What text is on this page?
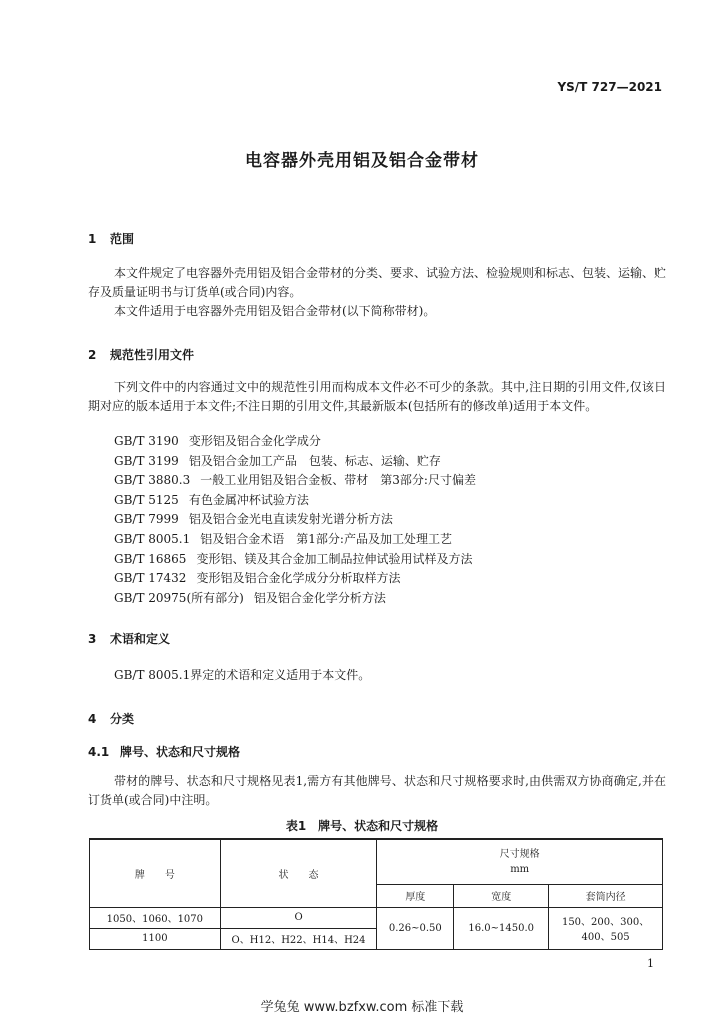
YS/T 727—2021
电容器外壳用铝及铝合金带材
1 范围
本文件规定了电容器外壳用铝及铝合金带材的分类、要求、试验方法、检验规则和标志、包装、运输、贮存及质量证明书与订货单(或合同)内容。
本文件适用于电容器外壳用铝及铝合金带材(以下简称带材)。
2 规范性引用文件
下列文件中的内容通过文中的规范性引用而构成本文件必不可少的条款。其中,注日期的引用文件,仅该日期对应的版本适用于本文件;不注日期的引用文件,其最新版本(包括所有的修改单)适用于本文件。
GB/T 3190 变形铝及铝合金化学成分
GB/T 3199 铝及铝合金加工产品　包装、标志、运输、贮存
GB/T 3880.3 一般工业用铝及铝合金板、带材　第3部分:尺寸偏差
GB/T 5125 有色金属冲杯试验方法
GB/T 7999 铝及铝合金光电直读发射光谱分析方法
GB/T 8005.1 铝及铝合金术语　第1部分:产品及加工处理工艺
GB/T 16865 变形铝、镁及其合金加工制品拉伸试验用试样及方法
GB/T 17432 变形铝及铝合金化学成分分析取样方法
GB/T 20975(所有部分) 铝及铝合金化学分析方法
3 术语和定义
GB/T 8005.1界定的术语和定义适用于本文件。
4 分类
4.1 牌号、状态和尺寸规格
带材的牌号、状态和尺寸规格见表1,需方有其他牌号、状态和尺寸规格要求时,由供需双方协商确定,并在订货单(或合同)中注明。
表1　牌号、状态和尺寸规格
牌　　号	状　　态	尺寸规格
mm		

		厚度	宽度	套筒内径
1050、1060、1070	O	0.26~0.50	16.0~1450.0	150、200、300、400、505
1100	O、H12、H22、H14、H24			
1
学兔兔 www.bzfxw.com 标准下载
